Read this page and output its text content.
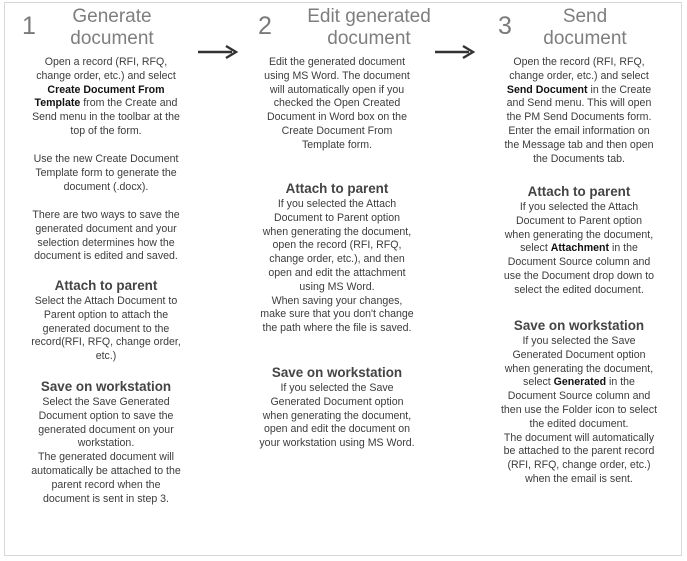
1	Generate
document
Open a record (RFI, RFQ,
change order, etc.) and select
Create Document From
Template from the Create and
Send menu in the toolbar at the
top of the form.
Use the new Create Document
Template form to generate the
document (.docx).
There are two ways to save the
generated document and your
selection determines how the
document is edited and saved.
Attach to parent
Select the Attach Document to
Parent option to attach the
generated document to the
record(RFI, RFQ, change order,
etc.)
Save on workstation
Select the Save Generated
Document option to save the
generated document on your
workstation.
The generated document will
automatically be attached to the
parent record when the
document is sent in step 3.
2	Edit generated
document
Edit the generated document
using MS Word. The document
will automatically open if you
checked the Open Created
Document in Word box on the
Create Document From
Template form.
Attach to parent
If you selected the Attach
Document to Parent option
when generating the document,
open the record (RFI, RFQ,
change order, etc.), and then
open and edit the attachment
using MS Word.
When saving your changes,
make sure that you don't change
the path where the file is saved.
Save on workstation
If you selected the Save
Generated Document option
when generating the document,
open and edit the document on
your workstation using MS Word.
3	Send
document
Open the record (RFI, RFQ,
change order, etc.) and select
Send Document in the Create
and Send menu. This will open
the PM Send Documents form.
Enter the email information on
the Message tab and then open
the Documents tab.
Attach to parent
If you selected the Attach
Document to Parent option
when generating the document,
select Attachment in the
Document Source column and
use the Document drop down to
select the edited document.
Save on workstation
If you selected the Save
Generated Document option
when generating the document,
select Generated in the
Document Source column and
then use the Folder icon to select
the edited document.
The document will automatically
be attached to the parent record
(RFI, RFQ, change order, etc.)
when the email is sent.
